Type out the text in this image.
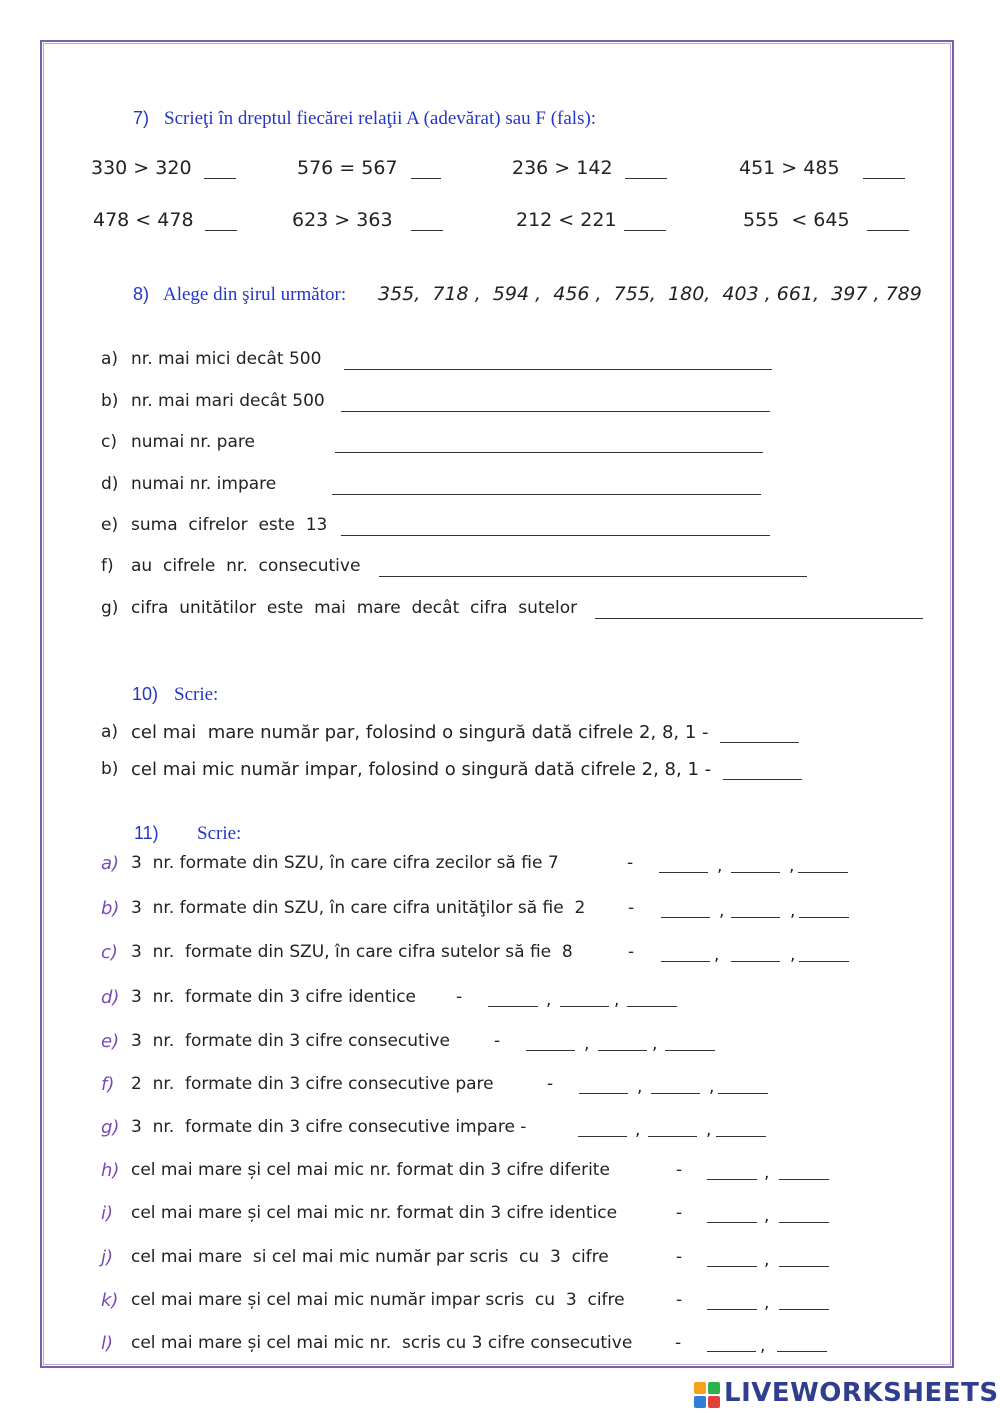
7) Scrieţi în dreptul fiecărei relaţii A (adevărat) sau F (fals):
330 > 320	576 = 567	236 > 142	451 > 485
478 < 478	623 > 363	212 < 221	555  < 645
8) Alege din şirul următor: 355,  718 ,  594 ,  456 ,  755,  180,  403 , 661,  397 , 789
a) nr. mai mici decât 500
b) nr. mai mari decât 500
c) numai nr. pare
d) numai nr. impare
e) suma  cifrelor  este  13
f) au  cifrele  nr.  consecutive
g) cifra  unitătilor  este  mai  mare  decât  cifra  sutelor
10) Scrie:
a) cel mai  mare număr par, folosind o singură dată cifrele 2, 8, 1 -
b) cel mai mic număr impar, folosind o singură dată cifrele 2, 8, 1 -
11) Scrie:
a) 3  nr. formate din SZU, în care cifra zecilor să fie 7	-	,	,
b) 3  nr. formate din SZU, în care cifra unităţilor să fie  2	-	,	,
c) 3  nr.  formate din SZU, în care cifra sutelor să fie  8	-	,	,
d) 3  nr.  formate din 3 cifre identice -	,	,
e) 3  nr.  formate din 3 cifre consecutive	-	,	,
f) 2  nr.  formate din 3 cifre consecutive pare	-	,	,
g) 3  nr.  formate din 3 cifre consecutive impare -	,	,
h) cel mai mare și cel mai mic nr. format din 3 cifre diferite	-	,
i) cel mai mare și cel mai mic nr. format din 3 cifre identice	-	,
j) cel mai mare  si cel mai mic număr par scris  cu  3  cifre	-	,
k) cel mai mare și cel mai mic număr impar scris  cu  3  cifre	-	,
l) cel mai mare și cel mai mic nr.  scris cu 3 cifre consecutive	-	,
LIVEWORKSHEETS
